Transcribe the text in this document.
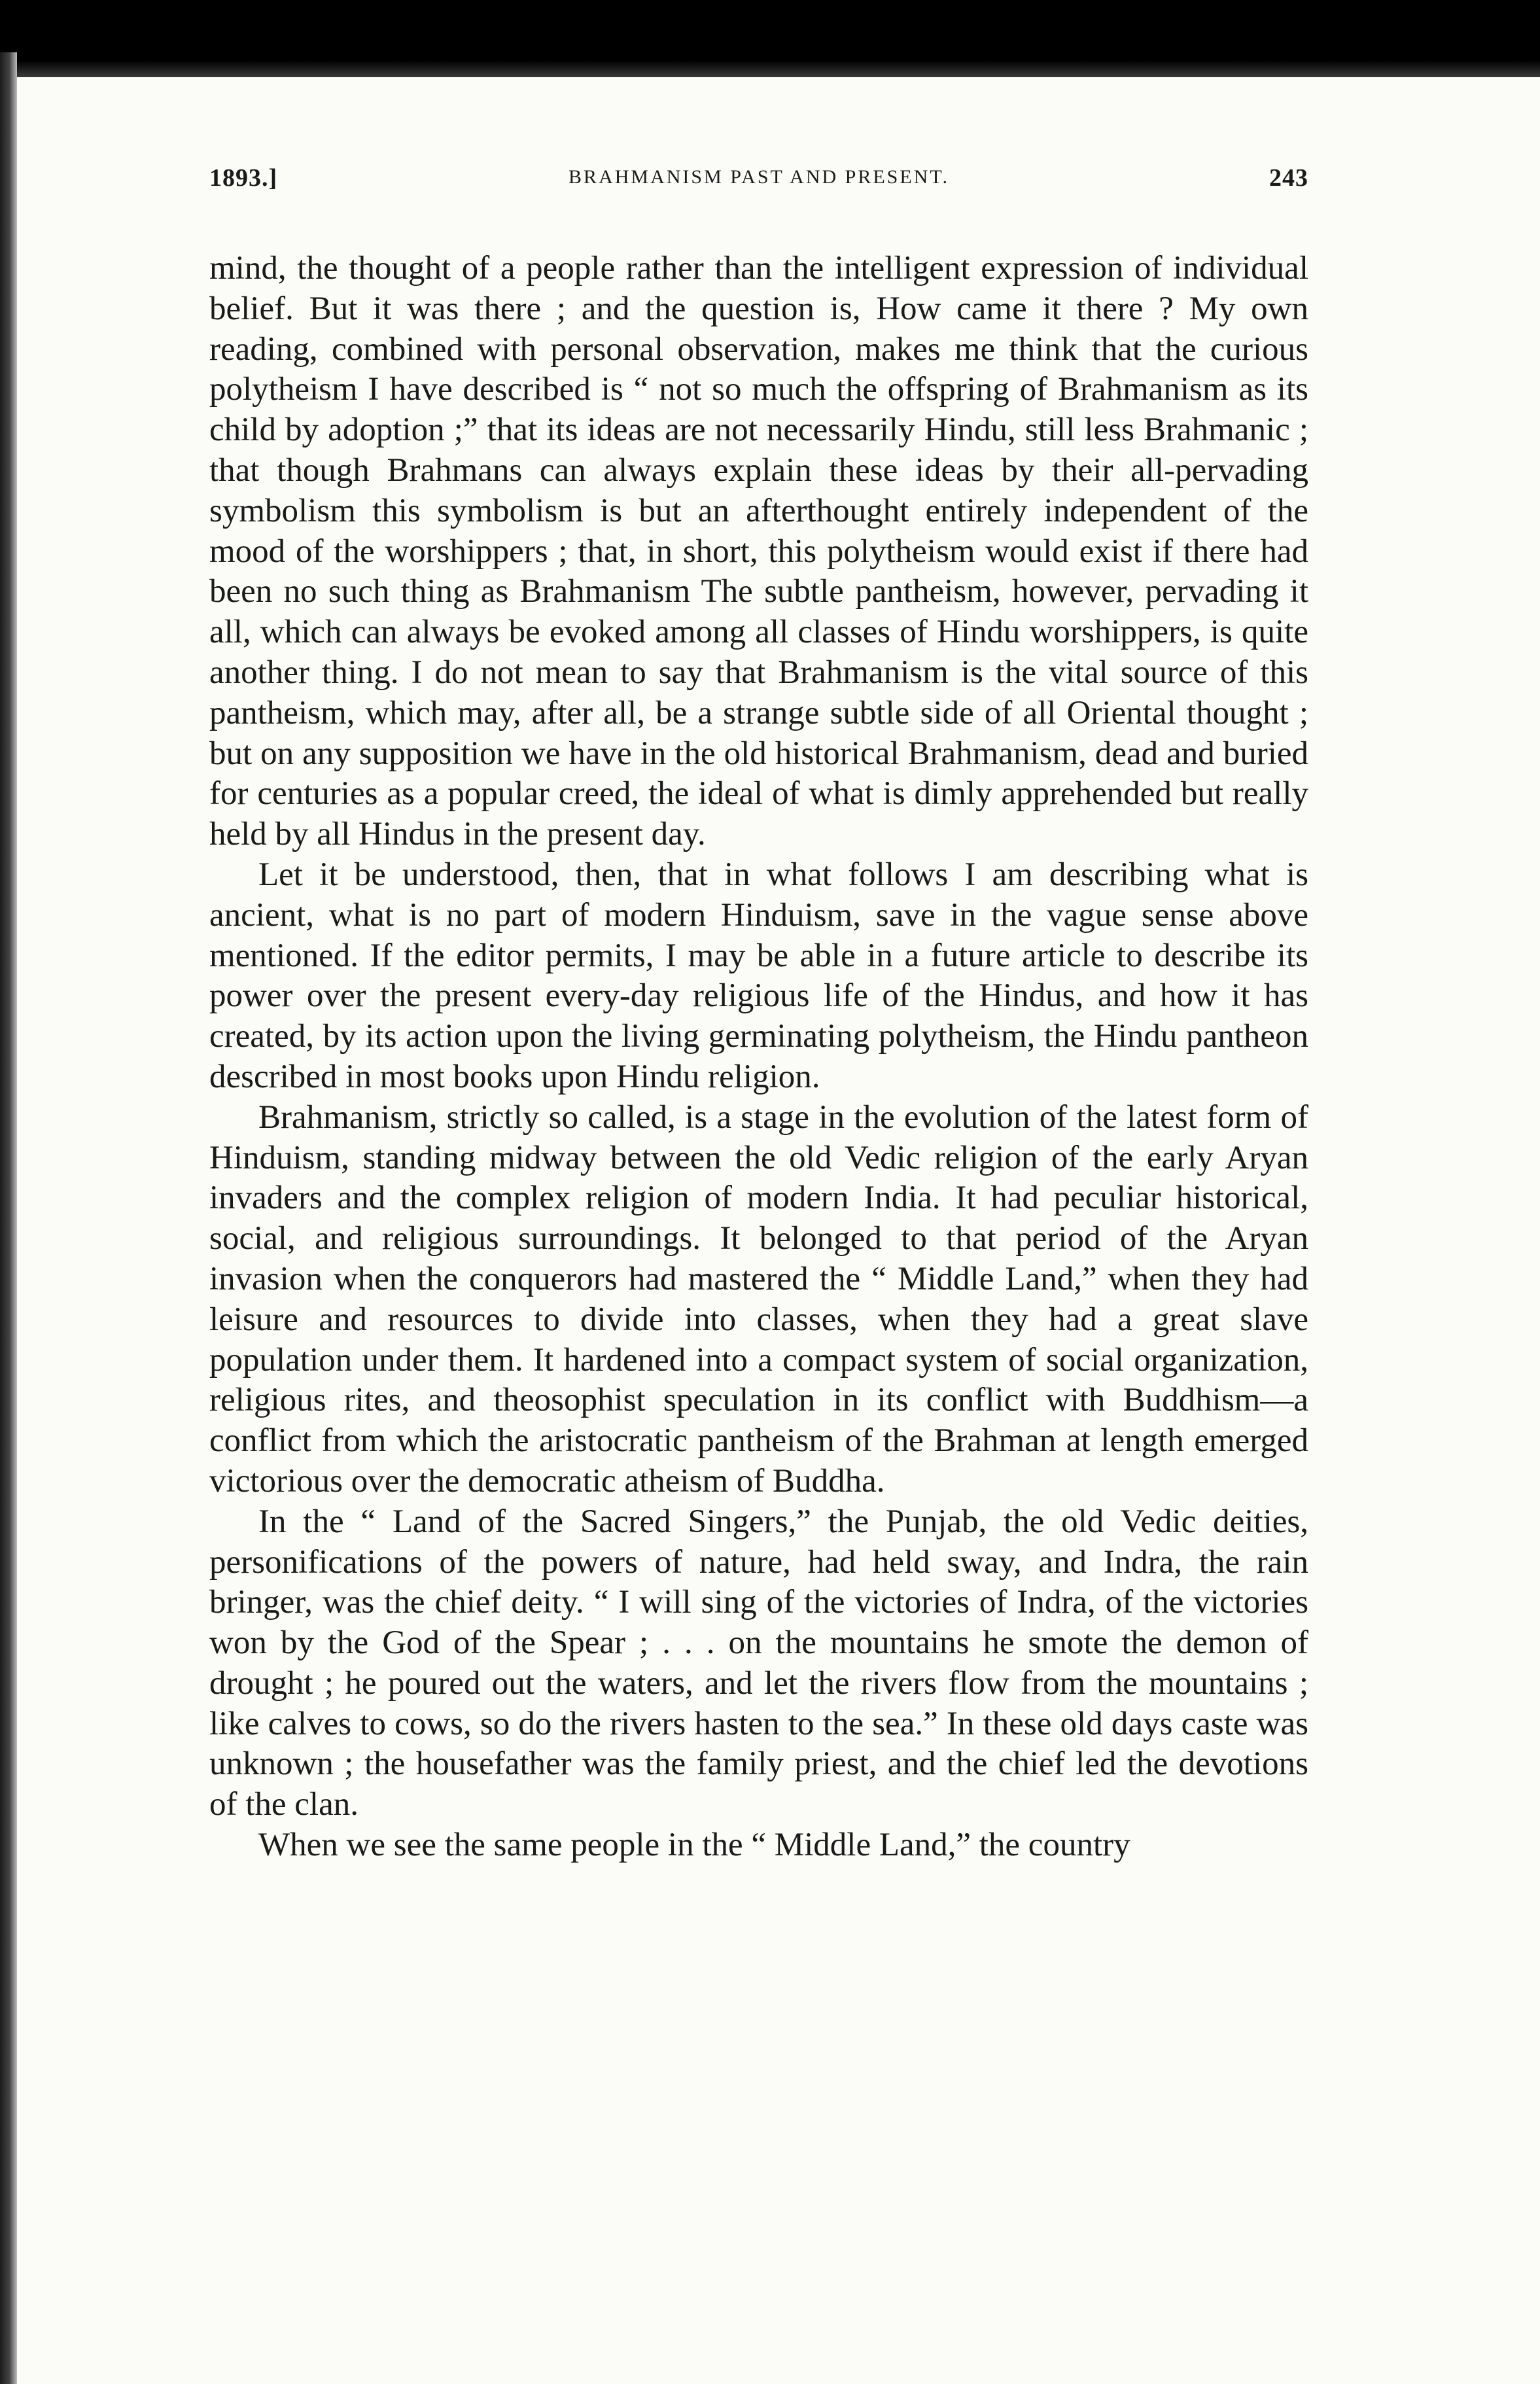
1893.]	BRAHMANISM PAST AND PRESENT.	243

mind, the thought of a people rather than the intelligent expression of individual belief. But it was there ; and the question is, How came it there ? My own reading, combined with personal observation, makes me think that the curious polytheism I have described is “ not so much the offspring of Brahmanism as its child by adoption ;” that its ideas are not necessarily Hindu, still less Brahmanic ; that though Brahmans can always explain these ideas by their all-pervading symbolism this symbolism is but an afterthought entirely independent of the mood of the worshippers ; that, in short, this polytheism would exist if there had been no such thing as Brahmanism The subtle pantheism, however, pervading it all, which can always be evoked among all classes of Hindu worshippers, is quite another thing. I do not mean to say that Brahmanism is the vital source of this pantheism, which may, after all, be a strange subtle side of all Oriental thought ; but on any supposition we have in the old historical Brahmanism, dead and buried for centuries as a popular creed, the ideal of what is dimly apprehended but really held by all Hindus in the present day.

Let it be understood, then, that in what follows I am describing what is ancient, what is no part of modern Hinduism, save in the vague sense above mentioned. If the editor permits, I may be able in a future article to describe its power over the present every-day religious life of the Hindus, and how it has created, by its action upon the living germinating polytheism, the Hindu pantheon described in most books upon Hindu religion.

Brahmanism, strictly so called, is a stage in the evolution of the latest form of Hinduism, standing midway between the old Vedic religion of the early Aryan invaders and the complex religion of modern India. It had peculiar historical, social, and religious surroundings. It belonged to that period of the Aryan invasion when the conquerors had mastered the “ Middle Land,” when they had leisure and resources to divide into classes, when they had a great slave population under them. It hardened into a compact system of social organization, religious rites, and theosophist speculation in its conflict with Buddhism—a conflict from which the aristocratic pantheism of the Brahman at length emerged victorious over the democratic atheism of Buddha.

In the “ Land of the Sacred Singers,” the Punjab, the old Vedic deities, personifications of the powers of nature, had held sway, and Indra, the rain bringer, was the chief deity. “ I will sing of the victories of Indra, of the victories won by the God of the Spear ; . . . on the mountains he smote the demon of drought ; he poured out the waters, and let the rivers flow from the mountains ; like calves to cows, so do the rivers hasten to the sea.” In these old days caste was unknown ; the housefather was the family priest, and the chief led the devotions of the clan.

When we see the same people in the “ Middle Land,” the country
